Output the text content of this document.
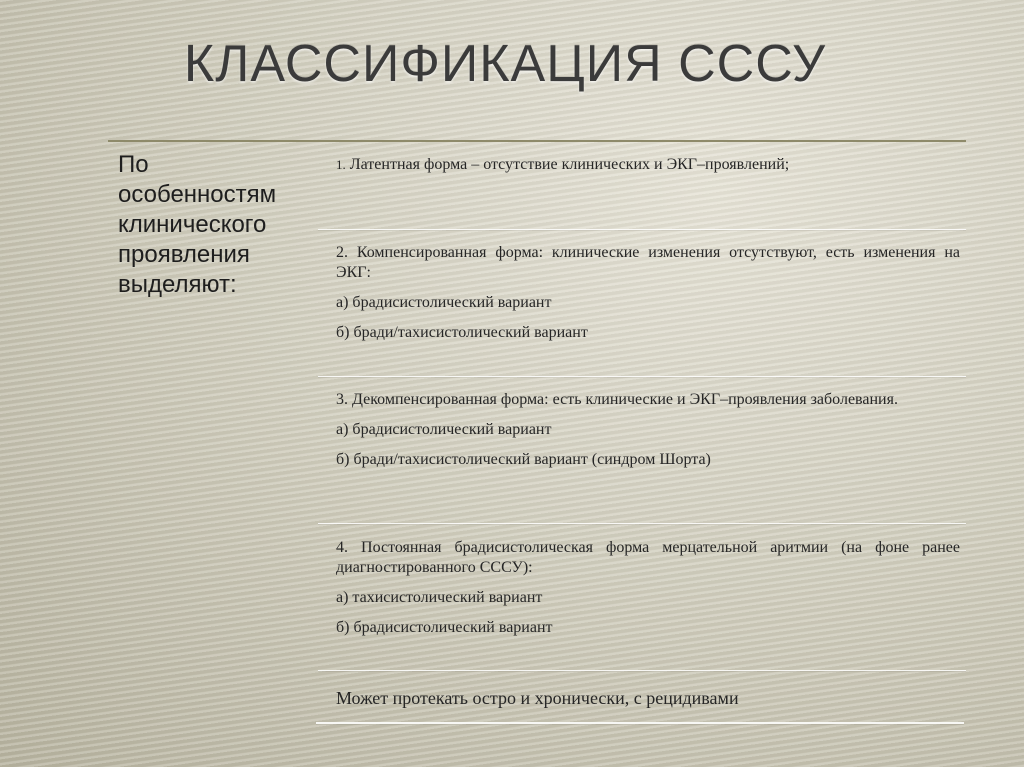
КЛАССИФИКАЦИЯ СССУ
По особенностям клинического проявления выделяют:

1. Латентная форма – отсутствие клинических и ЭКГ–проявлений;

2. Компенсированная форма: клинические изменения отсутствуют, есть изменения на ЭКГ:

а) брадисистолический вариант

б) бради/тахисистолический вариант

3. Декомпенсированная форма: есть клинические и ЭКГ–проявления заболевания.

а) брадисистолический вариант

б) бради/тахисистолический вариант (синдром Шорта)

4. Постоянная брадисистолическая форма мерцательной аритмии (на фоне ранее диагностированного СССУ):

а) тахисистолический вариант

б) брадисистолический вариант

Может протекать остро и хронически, с рецидивами
